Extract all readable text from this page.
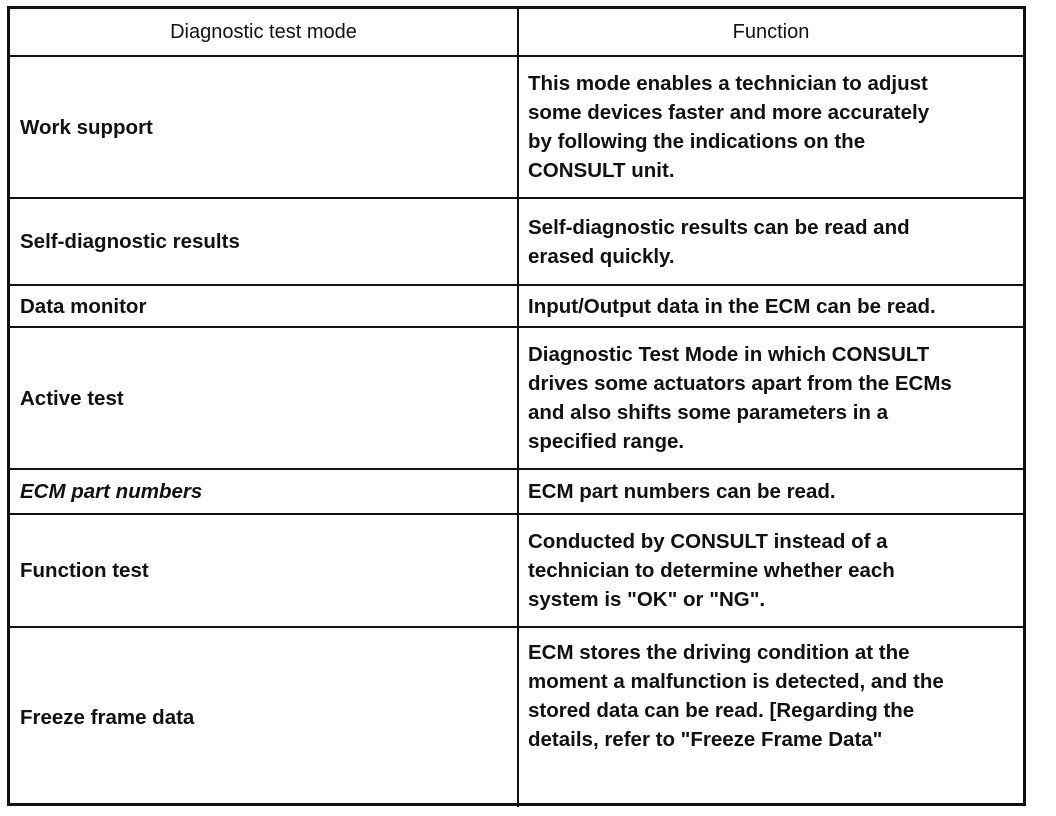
Diagnostic test mode	Function
Work support	This mode enables a technician to adjust
some devices faster and more accurately
by following the indications on the
CONSULT unit.

Self-diagnostic results	Self-diagnostic results can be read and
erased quickly.

Data monitor	Input/Output data in the ECM can be read.

Active test	Diagnostic Test Mode in which CONSULT
drives some actuators apart from the ECMs
and also shifts some parameters in a
specified range.

ECM part numbers	ECM part numbers can be read.

Function test	Conducted by CONSULT instead of a
technician to determine whether each
system is "OK" or "NG".

Freeze frame data	ECM stores the driving condition at the
moment a malfunction is detected, and the
stored data can be read. [Regarding the
details, refer to "Freeze Frame Data"
